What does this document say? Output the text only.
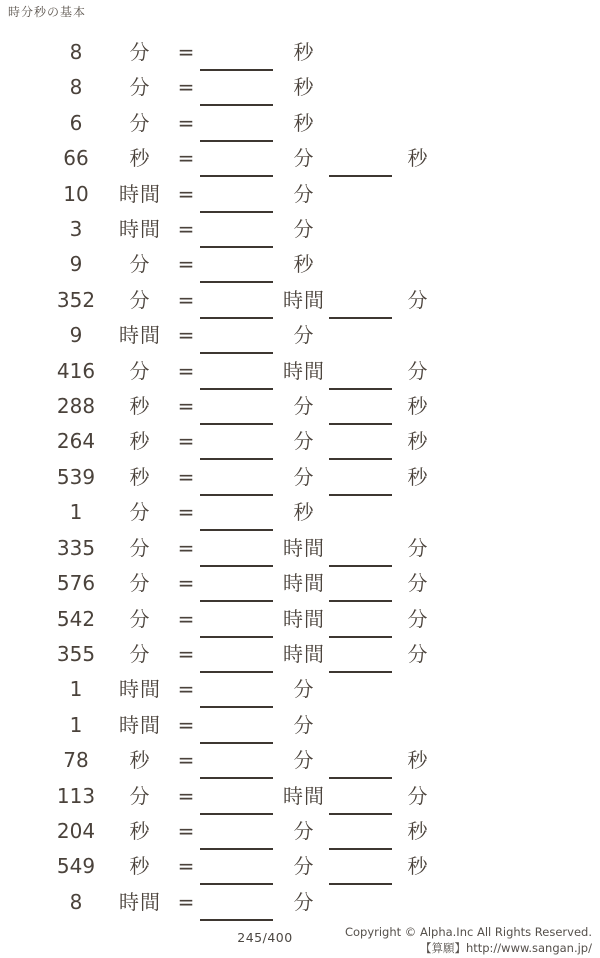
時分秒の基本
8	分	=	秒
8	分	=	秒
6	分	=	秒
66	秒	=	分	秒
10	時間 =	分
3	時間 =	分
9	分	=	秒
352	分	=	時間	分
9	時間 =	分
416	分	=	時間	分
288	秒	=	分	秒
264	秒	=	分	秒
539	秒	=	分	秒
1	分	=	秒
335	分	=	時間	分
576	分	=	時間	分
542	分	=	時間	分
355	分	=	時間	分
1	時間 =	分
1	時間 =	分
78	秒	=	分	秒
113	分	=	時間	分
204	秒	=	分	秒
549	秒	=	分	秒
8	時間 =	分
245/400	Copyright © Alpha.Inc All Rights Reserved.
【算願】http://www.sangan.jp/
